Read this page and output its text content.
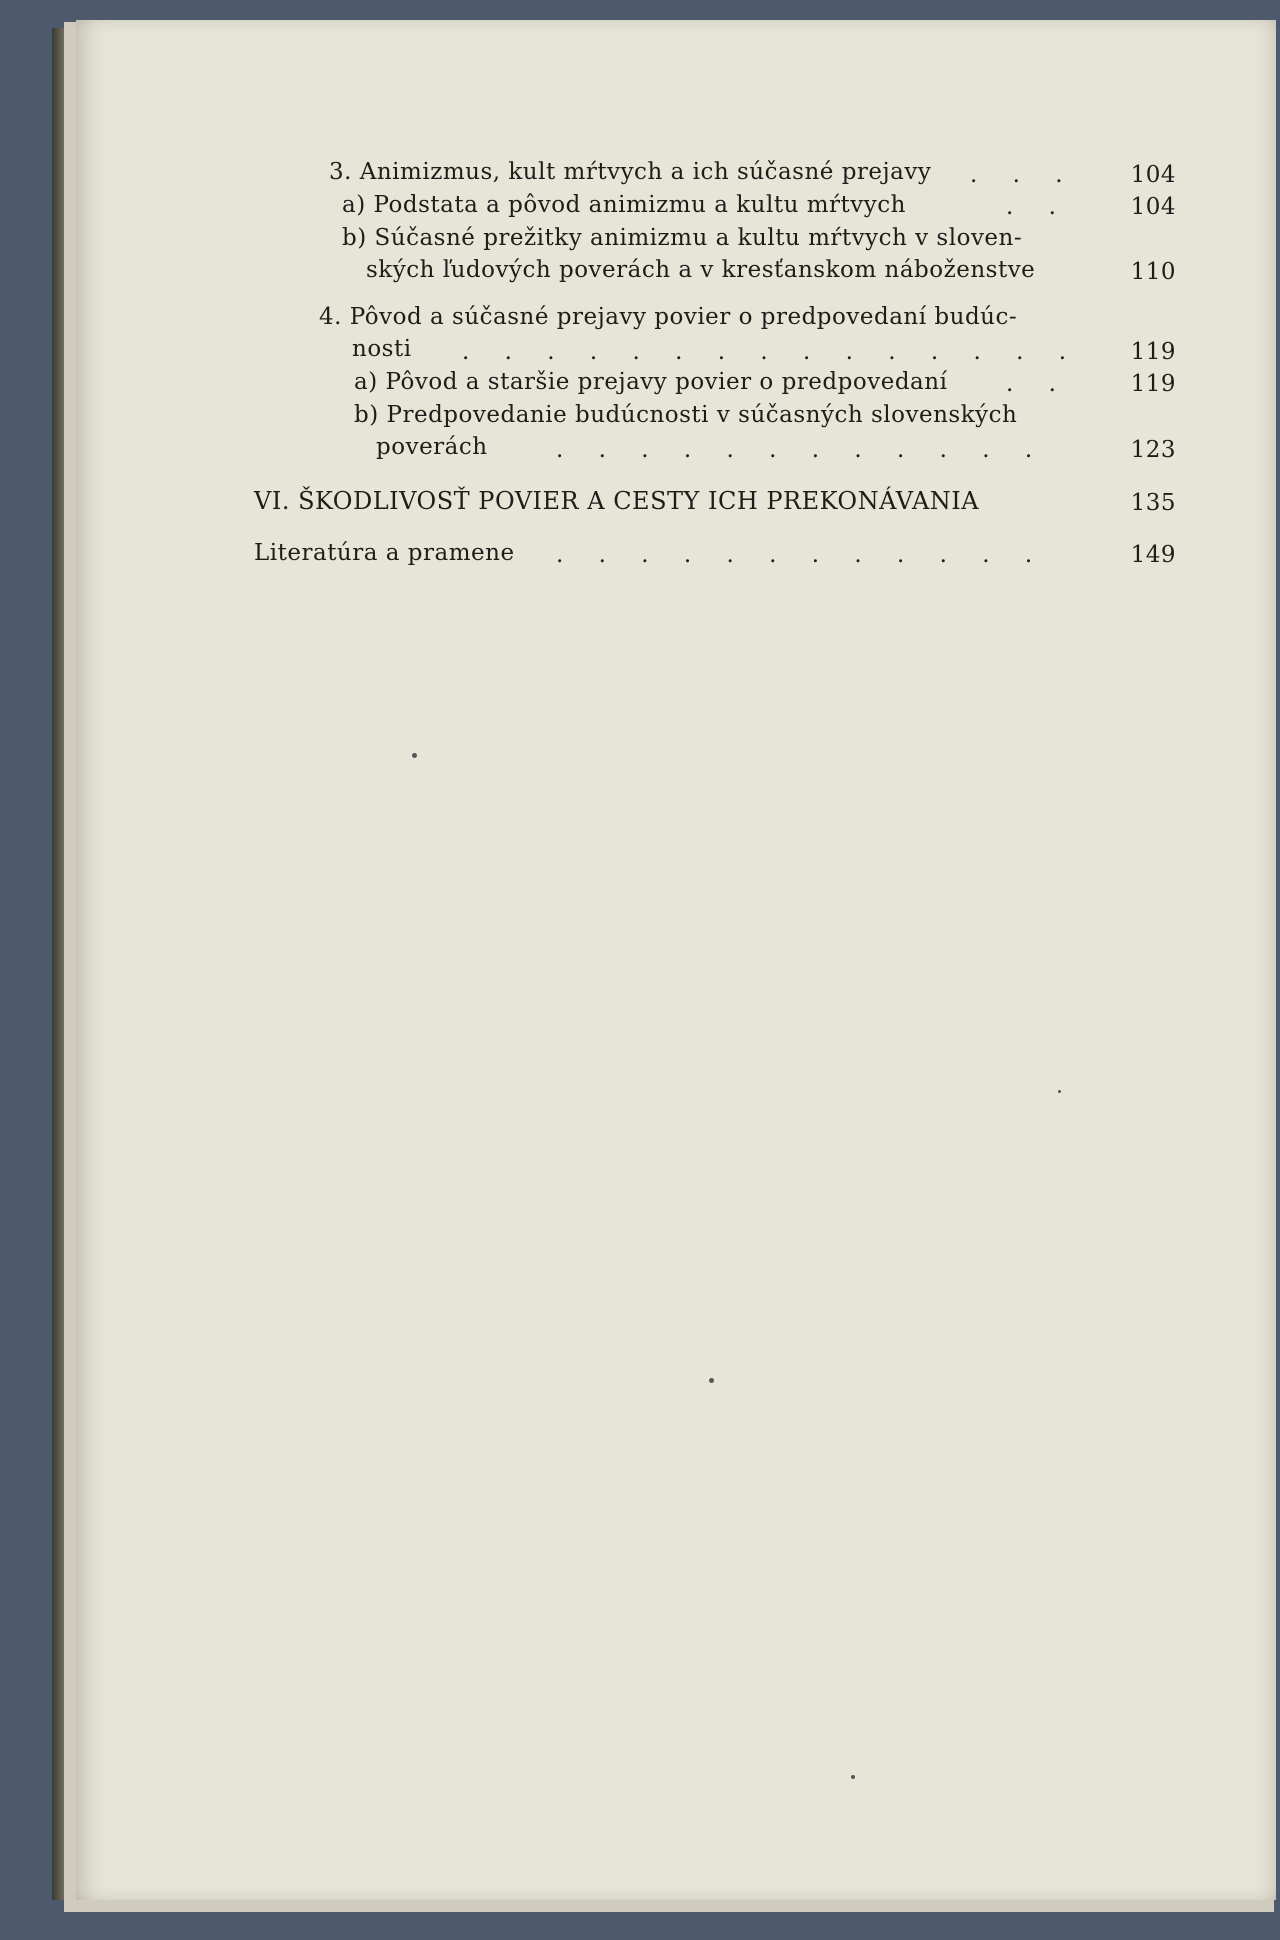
3. Animizmus, kult mŕtvych a ich súčasné prejavy . . .	104
a) Podstata a pôvod animizmu a kultu mŕtvych	. .	104
b) Súčasné prežitky animizmu a kultu mŕtvych v sloven-
ských ľudových poverách a v kresťanskom náboženstve	110
4. Pôvod a súčasné prejavy povier o predpovedaní budúc-
nosti . . . . . . . . . . . . . . .	119
a) Pôvod a staršie prejavy povier o predpovedaní	. .	119
b) Predpovedanie budúcnosti v súčasných slovenských
poverách	. . . . . . . . . . . .	123
VI. ŠKODLIVOSŤ POVIER A CESTY ICH PREKONÁVANIA	135
Literatúra a pramene . . . . . . . . . . . .	149
